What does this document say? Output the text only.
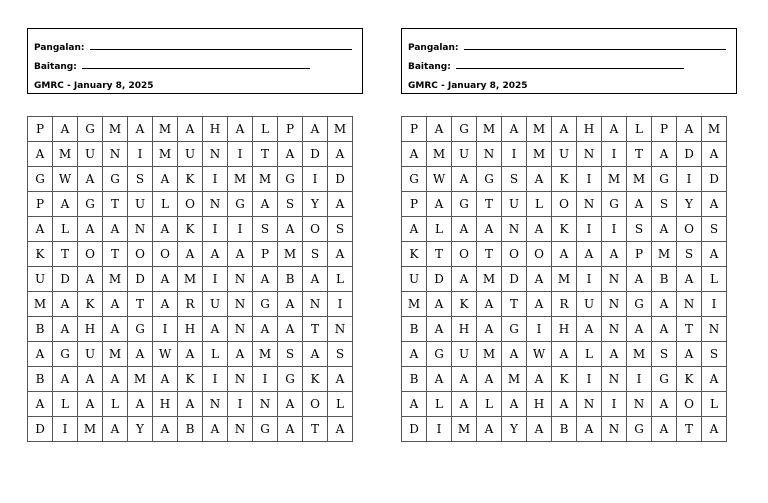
Pangalan:
Baitang:
GMRC - January 8, 2025
P	A	G	M	A	M	A	H	A	L	P	A	M
A	M	U	N	I	M	U	N	I	T	A	D	A
G	W	A	G	S	A	K	I	M	M	G	I	D
P	A	G	T	U	L	O	N	G	A	S	Y	A
A	L	A	A	N	A	K	I	I	S	A	O	S
K	T	O	T	O	O	A	A	A	P	M	S	A
U	D	A	M	D	A	M	I	N	A	B	A	L
M	A	K	A	T	A	R	U	N	G	A	N	I
B	A	H	A	G	I	H	A	N	A	A	T	N
A	G	U	M	A	W	A	L	A	M	S	A	S
B	A	A	A	M	A	K	I	N	I	G	K	A
A	L	A	L	A	H	A	N	I	N	A	O	L
D	I	M	A	Y	A	B	A	N	G	A	T	A
Pangalan:
Baitang:
GMRC - January 8, 2025
P	A	G	M	A	M	A	H	A	L	P	A	M
A	M	U	N	I	M	U	N	I	T	A	D	A
G	W	A	G	S	A	K	I	M	M	G	I	D
P	A	G	T	U	L	O	N	G	A	S	Y	A
A	L	A	A	N	A	K	I	I	S	A	O	S
K	T	O	T	O	O	A	A	A	P	M	S	A
U	D	A	M	D	A	M	I	N	A	B	A	L
M	A	K	A	T	A	R	U	N	G	A	N	I
B	A	H	A	G	I	H	A	N	A	A	T	N
A	G	U	M	A	W	A	L	A	M	S	A	S
B	A	A	A	M	A	K	I	N	I	G	K	A
A	L	A	L	A	H	A	N	I	N	A	O	L
D	I	M	A	Y	A	B	A	N	G	A	T	A
